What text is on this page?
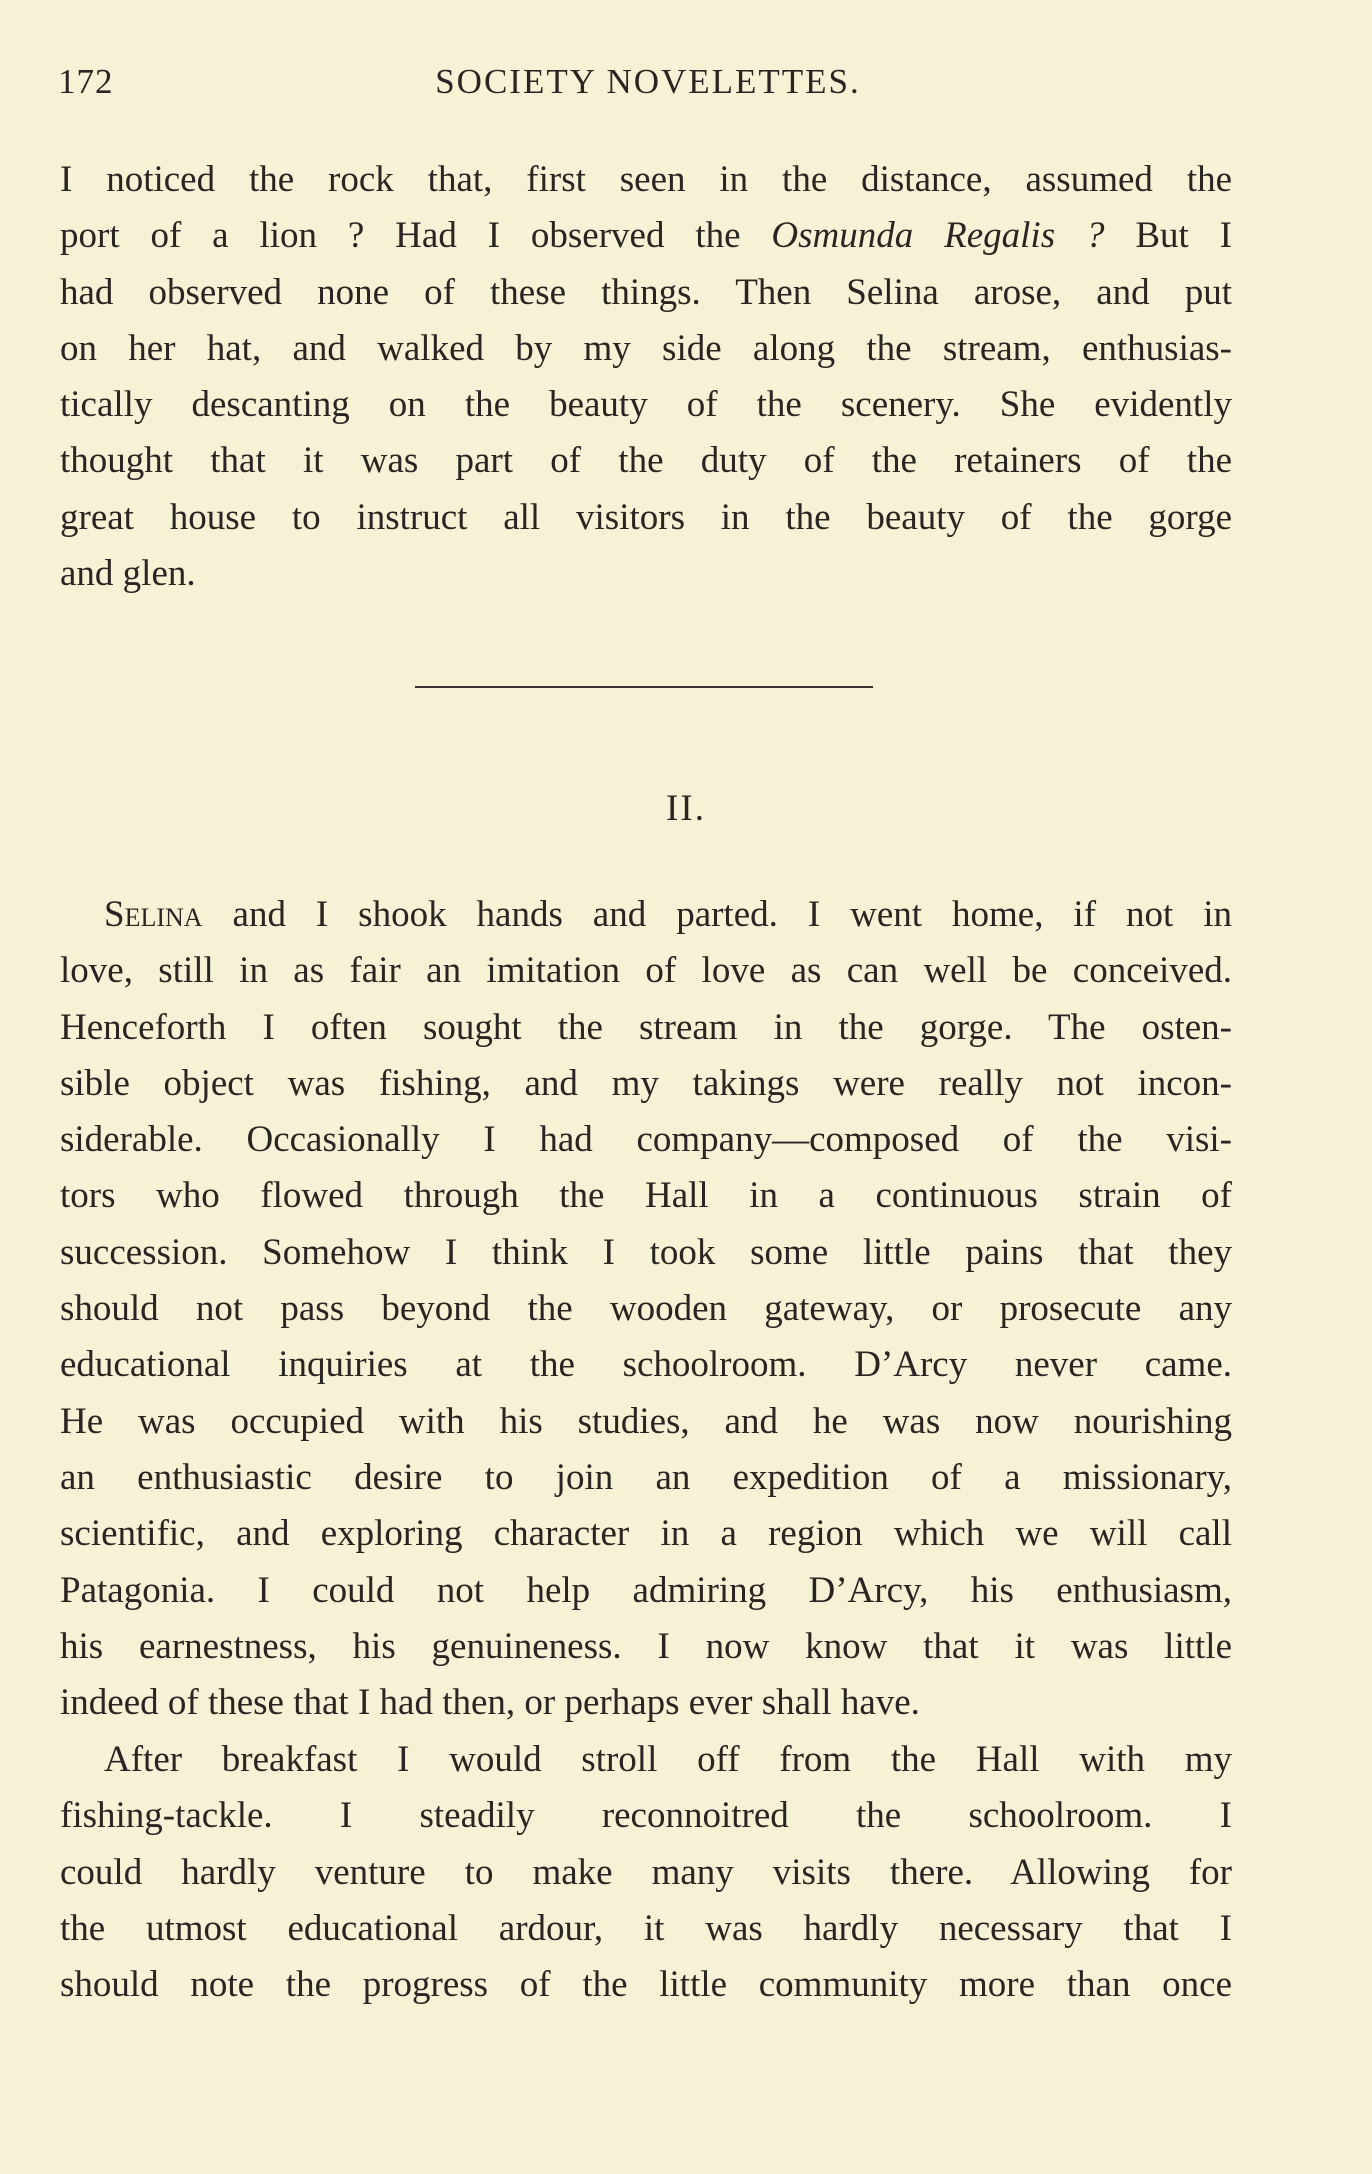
172	SOCIETY NOVELETTES.
I noticed the rock that, first seen in the distance, assumed the
port of a lion ? Had I observed the Osmunda Regalis ? But I
had observed none of these things. Then Selina arose, and put
on her hat, and walked by my side along the stream, enthusias-
tically descanting on the beauty of the scenery. She evidently
thought that it was part of the duty of the retainers of the
great house to instruct all visitors in the beauty of the gorge
and glen.
II.
Selina and I shook hands and parted. I went home, if not in
love, still in as fair an imitation of love as can well be conceived.
Henceforth I often sought the stream in the gorge. The osten-
sible object was fishing, and my takings were really not incon-
siderable. Occasionally I had company—composed of the visi-
tors who flowed through the Hall in a continuous strain of
succession. Somehow I think I took some little pains that they
should not pass beyond the wooden gateway, or prosecute any
educational inquiries at the schoolroom. D’Arcy never came.
He was occupied with his studies, and he was now nourishing
an enthusiastic desire to join an expedition of a missionary,
scientific, and exploring character in a region which we will call
Patagonia. I could not help admiring D’Arcy, his enthusiasm,
his earnestness, his genuineness. I now know that it was little
indeed of these that I had then, or perhaps ever shall have.
After breakfast I would stroll off from the Hall with my
fishing-tackle. I steadily reconnoitred the schoolroom. I
could hardly venture to make many visits there. Allowing for
the utmost educational ardour, it was hardly necessary that I
should note the progress of the little community more than once
